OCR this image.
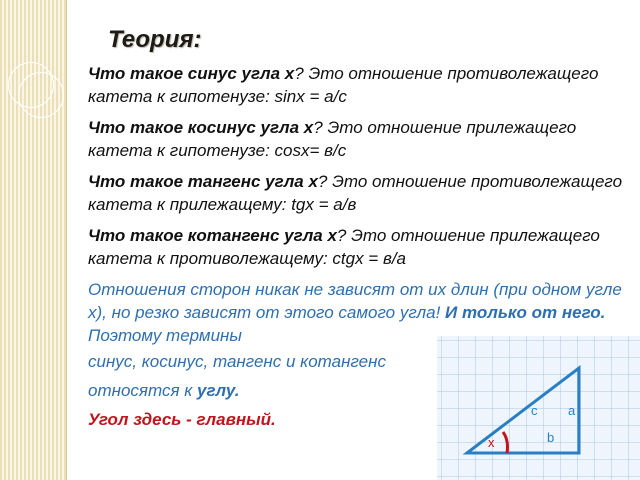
Теория:

Что такое синус угла х? Это отношение противолежащего катета к гипотенузе: sinx = a/c

Что такое косинус угла х? Это отношение прилежащего катета к гипотенузе: cosx= в/с

Что такое тангенс угла х? Это отношение противолежащего катета к прилежащему: tgx = a/в

Что такое котангенс угла х? Это отношение прилежащего катета к противолежащему: ctgx = в/a

Отношения сторон никак не зависят от их длин (при одном угле х), но резко зависят от этого самого угла! И только от него. Поэтому термины
синус, косинус, тангенс и котангенс
относятся к углу.
Угол здесь - главный.	c a
b
x
